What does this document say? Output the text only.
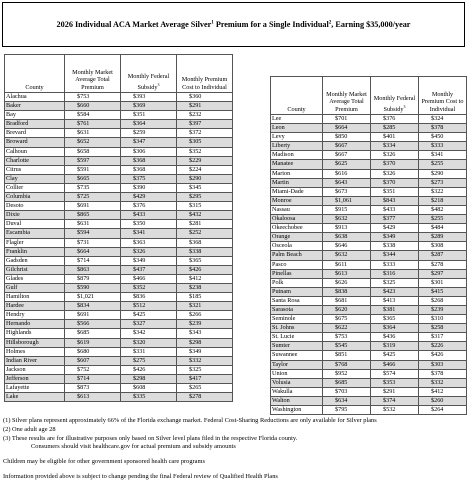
2026 Individual ACA Market Average Silver$^1$ Premium for a Single Individual$^2$, Earning $35,000/year
County	Monthly Market Average Total Premium	Monthly Federal Subsidy$^3$	Monthly Premium Cost to Individual
Alachua	$753	$393	$360
Baker	$660	$369	$291
Bay	$584	$351	$232
Bradford	$761	$364	$397
Brevard	$631	$259	$372
Broward	$652	$347	$305
Calhoun	$658	$306	$352
Charlotte	$597	$368	$229
Citrus	$591	$368	$224
Clay	$665	$375	$290
Collier	$735	$390	$345
Columbia	$725	$429	$295
Desoto	$691	$376	$315
Dixie	$865	$433	$432
Duval	$631	$350	$281
Escambia	$594	$341	$252
Flagler	$731	$363	$368
Franklin	$664	$326	$338
Gadsden	$714	$349	$365
Gilchrist	$863	$437	$426
Glades	$879	$466	$412
Gulf	$590	$352	$238
Hamilton	$1,021	$836	$185
Hardee	$834	$512	$321
Hendry	$691	$425	$266
Hernando	$566	$327	$239
Highlands	$685	$342	$343
Hillsborough	$619	$320	$298
Holmes	$680	$331	$349
Indian River	$607	$275	$332
Jackson	$752	$426	$325
Jefferson	$714	$298	$417
Lafayette	$873	$608	$265
Lake	$613	$335	$278
County	Monthly Market Average Total Premium	Monthly Federal Subsidy$^3$	Monthly Premium Cost to Individual
Lee	$701	$376	$324
Leon	$664	$285	$378
Levy	$850	$401	$450
Liberty	$667	$334	$333
Madison	$667	$326	$341
Manatee	$625	$370	$255
Marion	$616	$326	$290
Martin	$643	$370	$273
Miami-Dade	$673	$351	$322
Monroe	$1,061	$843	$218
Nassau	$915	$433	$482
Okaloosa	$632	$377	$255
Okeechobee	$913	$429	$484
Orange	$638	$349	$289
Osceola	$646	$338	$308
Palm Beach	$632	$344	$287
Pasco	$611	$333	$278
Pinellas	$613	$316	$297
Polk	$626	$325	$301
Putnam	$838	$423	$415
Santa Rosa	$681	$413	$268
Sarasota	$620	$381	$239
Seminole	$675	$365	$310
St. Johns	$622	$364	$258
St. Lucie	$753	$436	$317
Sumter	$545	$319	$226
Suwannee	$851	$425	$426
Taylor	$768	$466	$303
Union	$952	$574	$378
Volusia	$685	$353	$332
Wakulla	$703	$291	$412
Walton	$634	$374	$260
Washington	$795	$532	$264
(1) Silver plans represent approximately 66% of the Florida exchange market. Federal Cost-Sharing Reductions are only available for Silver plans
(2) One adult age 28
(3) These results are for illustrative purposes only based on Silver level plans filed in the respective Florida county.
Consumers should visit healthcare.gov for actual premium and subsidy amounts
Children may be eligible for other government sponsored health care programs
Information provided above is subject to change pending the final Federal review of Qualified Health Plans
